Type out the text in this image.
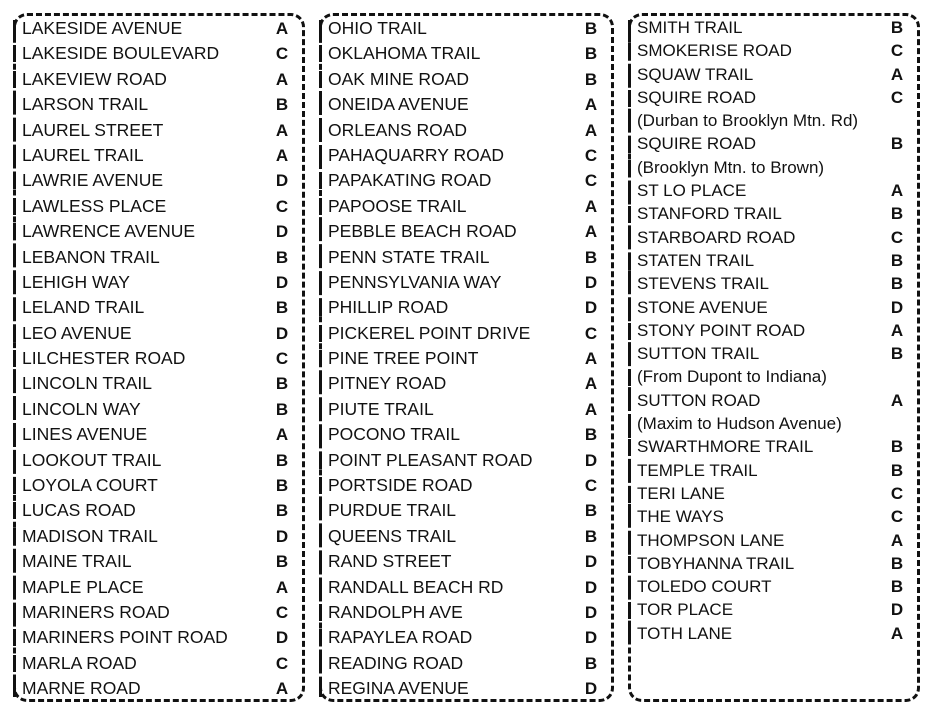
LAKESIDE AVENUE	A
LAKESIDE BOULEVARD	C
LAKEVIEW ROAD	A
LARSON TRAIL	B
LAUREL STREET	A
LAUREL TRAIL	A
LAWRIE AVENUE	D
LAWLESS PLACE	C
LAWRENCE AVENUE	D
LEBANON TRAIL	B
LEHIGH WAY	D
LELAND TRAIL	B
LEO AVENUE	D
LILCHESTER ROAD	C
LINCOLN TRAIL	B
LINCOLN WAY	B
LINES AVENUE	A
LOOKOUT TRAIL	B
LOYOLA COURT	B
LUCAS ROAD	B
MADISON TRAIL	D
MAINE TRAIL	B
MAPLE PLACE	A
MARINERS ROAD	C
MARINERS POINT ROAD	D
MARLA ROAD	C
MARNE ROAD	A
OHIO TRAIL	B
OKLAHOMA TRAIL	B
OAK MINE ROAD	B
ONEIDA AVENUE	A
ORLEANS ROAD	A
PAHAQUARRY ROAD	C
PAPAKATING ROAD	C
PAPOOSE TRAIL	A
PEBBLE BEACH ROAD	A
PENN STATE TRAIL	B
PENNSYLVANIA WAY	D
PHILLIP ROAD	D
PICKEREL POINT DRIVE	C
PINE TREE POINT	A
PITNEY ROAD	A
PIUTE TRAIL	A
POCONO TRAIL	B
POINT PLEASANT ROAD	D
PORTSIDE ROAD	C
PURDUE TRAIL	B
QUEENS TRAIL	B
RAND STREET	D
RANDALL BEACH RD	D
RANDOLPH AVE	D
RAPAYLEA ROAD	D
READING ROAD	B
REGINA AVENUE	D
SMITH TRAIL	B
SMOKERISE ROAD	C
SQUAW TRAIL	A
SQUIRE ROAD	C
(Durban to Brooklyn Mtn. Rd)
SQUIRE ROAD	B
(Brooklyn Mtn. to Brown)
ST LO PLACE	A
STANFORD TRAIL	B
STARBOARD ROAD	C
STATEN TRAIL	B
STEVENS TRAIL	B
STONE AVENUE	D
STONY POINT ROAD	A
SUTTON TRAIL	B
(From Dupont to Indiana)
SUTTON ROAD	A
(Maxim to Hudson Avenue)
SWARTHMORE TRAIL	B
TEMPLE TRAIL	B
TERI LANE	C
THE WAYS	C
THOMPSON LANE	A
TOBYHANNA TRAIL	B
TOLEDO COURT	B
TOR PLACE	D
TOTH LANE	A
